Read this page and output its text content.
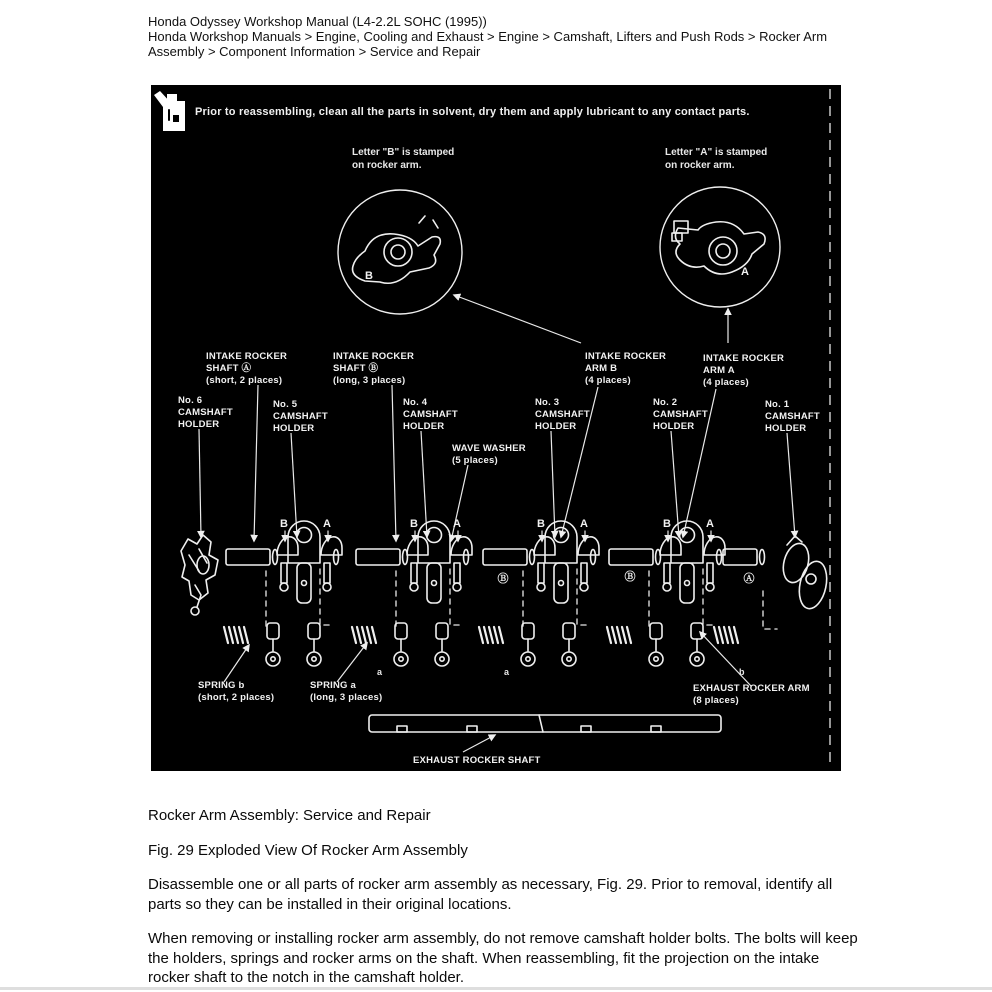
Honda Odyssey Workshop Manual (L4-2.2L SOHC (1995))
Honda Workshop Manuals > Engine, Cooling and Exhaust > Engine > Camshaft, Lifters and Push Rods > Rocker Arm Assembly > Component Information > Service and Repair
Prior to reassembling, clean all the parts in solvent, dry them and apply lubricant to any contact parts.
Letter "B" is stamped
on rocker arm.
Letter "A" is stamped
on rocker arm.
B	A
INTAKE ROCKER
SHAFT Ⓐ
(short, 2 places)
INTAKE ROCKER
SHAFT Ⓑ
(long, 3 places)
INTAKE ROCKER
ARM B
(4 places)
INTAKE ROCKER
ARM A
(4 places)
No. 6
CAMSHAFT
HOLDER
No. 5
CAMSHAFT
HOLDER
No. 4
CAMSHAFT
HOLDER
No. 3
CAMSHAFT
HOLDER
No. 2
CAMSHAFT
HOLDER
No. 1
CAMSHAFT
HOLDER
WAVE WASHER
(5 places)
SPRING b
(short, 2 places)
SPRING a
(long, 3 places)
EXHAUST ROCKER ARM
(8 places)
EXHAUST ROCKER SHAFT
B	A	B	A	B	A	B	A
Ⓑ	Ⓑ	Ⓐ
a	a	b
Rocker Arm Assembly: Service and Repair
Fig. 29 Exploded View Of Rocker Arm Assembly
Disassemble one or all parts of rocker arm assembly as necessary, Fig. 29. Prior to removal, identify all parts so they can be installed in their original locations.
When removing or installing rocker arm assembly, do not remove camshaft holder bolts. The bolts will keep the holders, springs and rocker arms on the shaft. When reassembling, fit the projection on the intake rocker shaft to the notch in the camshaft holder.
